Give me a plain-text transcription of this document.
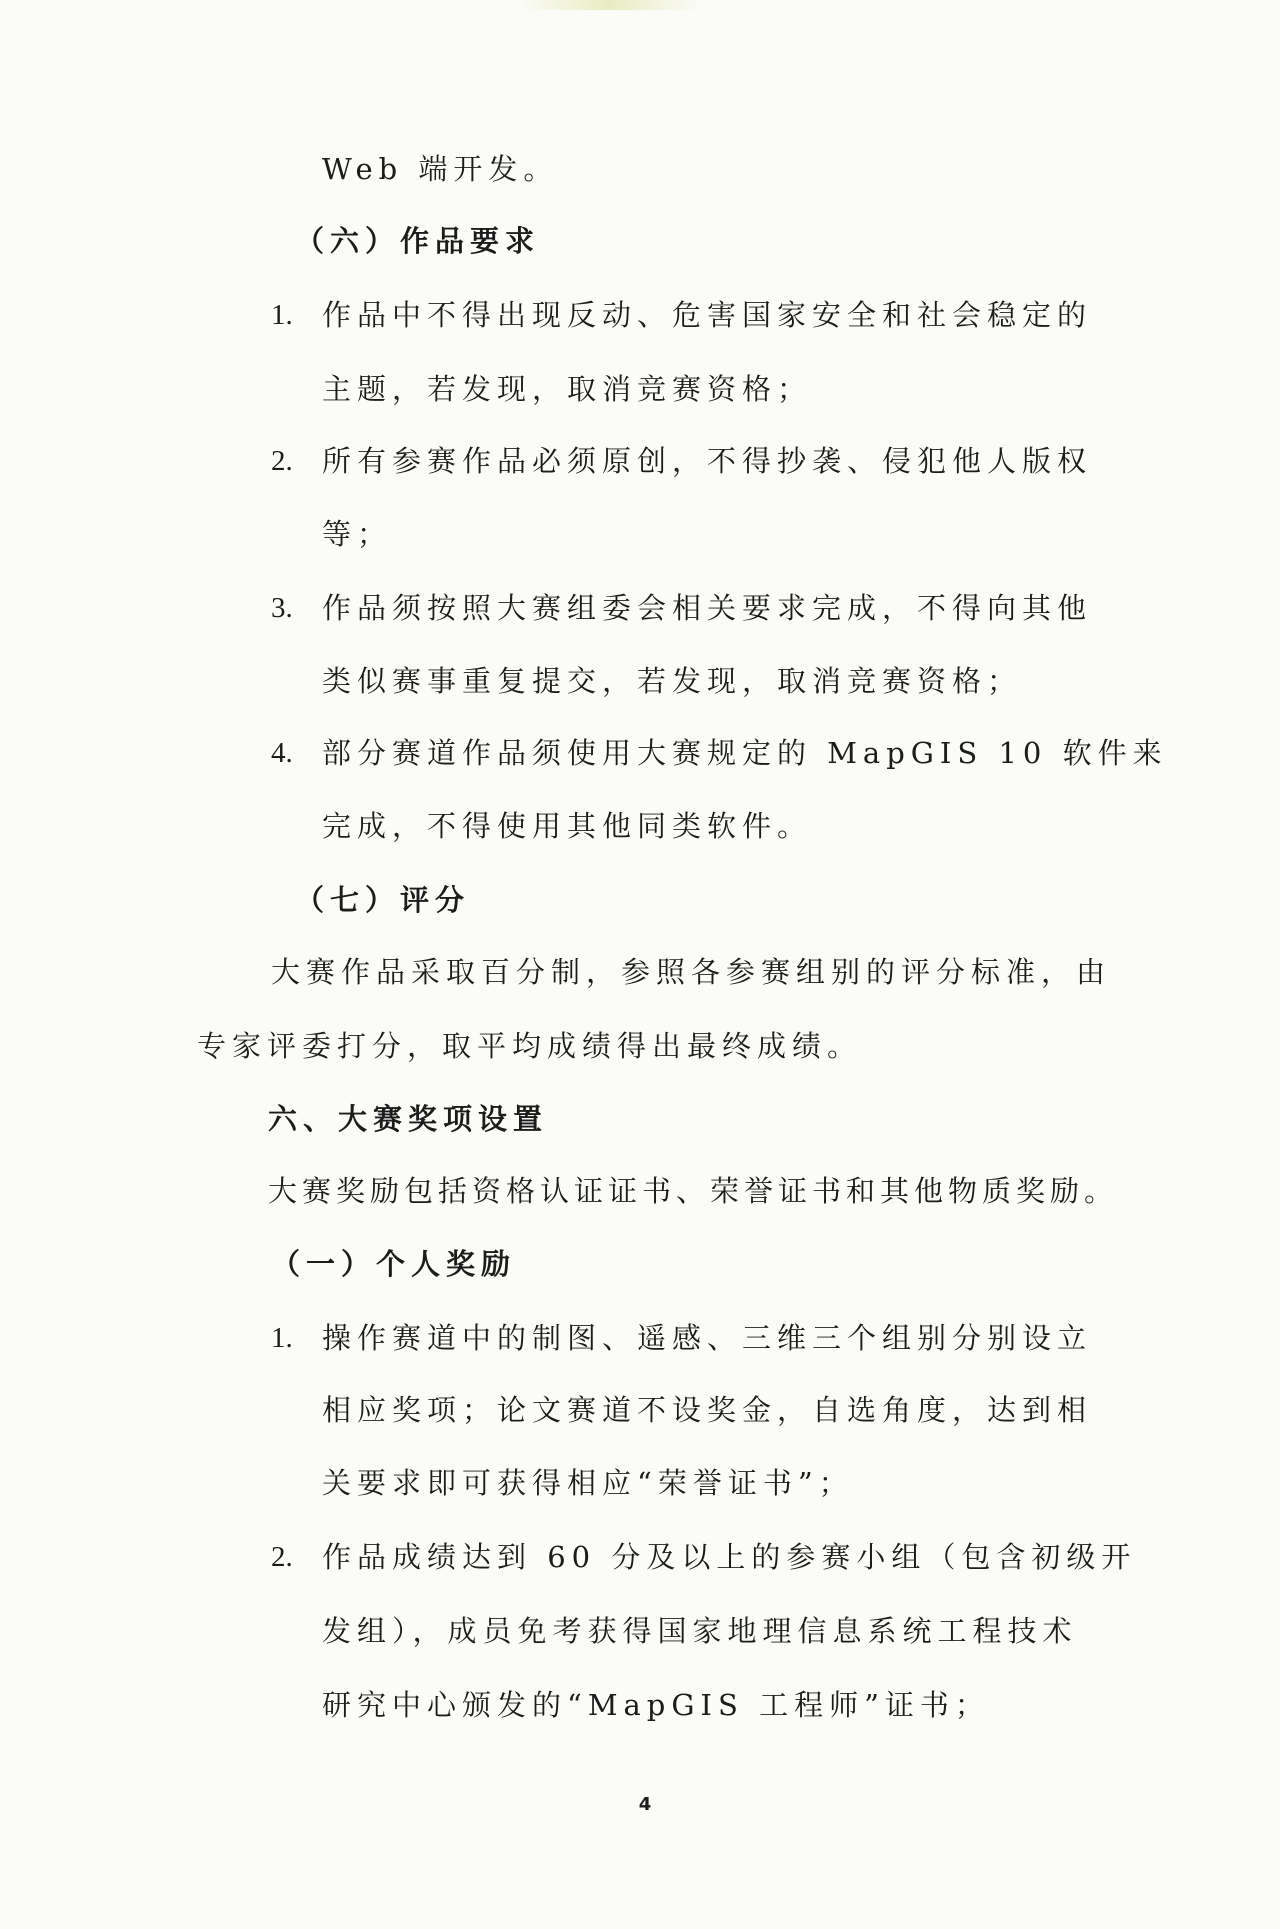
Web 端开发。
（六）作品要求
1. 作品中不得出现反动、危害国家安全和社会稳定的
主题，若发现，取消竞赛资格；
2. 所有参赛作品必须原创，不得抄袭、侵犯他人版权
等；
3. 作品须按照大赛组委会相关要求完成，不得向其他
类似赛事重复提交，若发现，取消竞赛资格；
4. 部分赛道作品须使用大赛规定的 MapGIS 10 软件来
完成，不得使用其他同类软件。
（七）评分
大赛作品采取百分制，参照各参赛组别的评分标准，由
专家评委打分，取平均成绩得出最终成绩。
六、大赛奖项设置
大赛奖励包括资格认证证书、荣誉证书和其他物质奖励。
（一）个人奖励
1. 操作赛道中的制图、遥感、三维三个组别分别设立
相应奖项；论文赛道不设奖金，自选角度，达到相
关要求即可获得相应“荣誉证书”；
2. 作品成绩达到 60 分及以上的参赛小组（包含初级开
发组），成员免考获得国家地理信息系统工程技术
研究中心颁发的“MapGIS 工程师”证书；
4
